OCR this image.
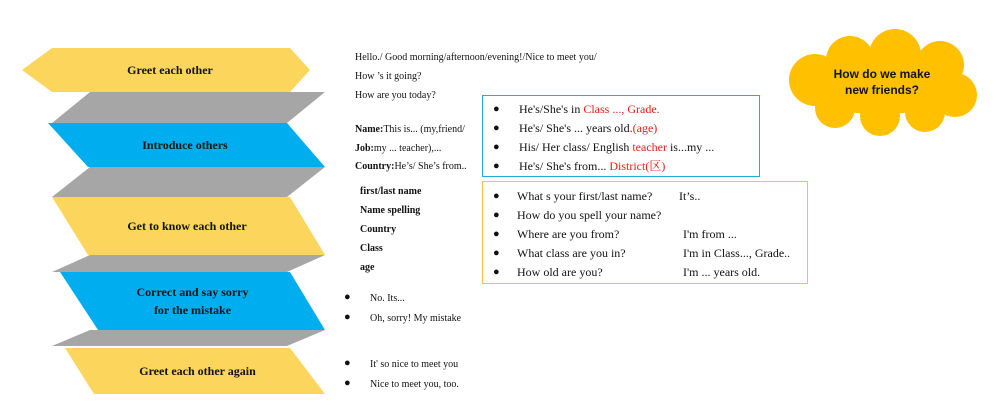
Greet each other
Introduce others
Get to know each other
Correct and say sorry
for the mistake
Greet each other again
Hello./ Good morning/afternoon/evening!/Nice to meet you/
How ’s it going?
How are you today?
Name:This is... (my,friend/
Job:my ... teacher),...
Country:He’s/ She’s from..
● He's/She's in Class ..., Grade.
● He's/ She's ... years old.(age)
● His/ Her class/ English teacher is...my ...
● He's/ She's from... District(区)
first/last name
Name spelling
Country
Class
age
● What s your first/last name? It’s..
● How do you spell your name?
● Where are you from?	I'm from ...
● What class are you in?	I'm in Class..., Grade..
● How old are you?	I'm ... years old.
● No. Its...
● Oh, sorry! My mistake
● It' so nice to meet you
● Nice to meet you, too.
How do we make
new friends?
